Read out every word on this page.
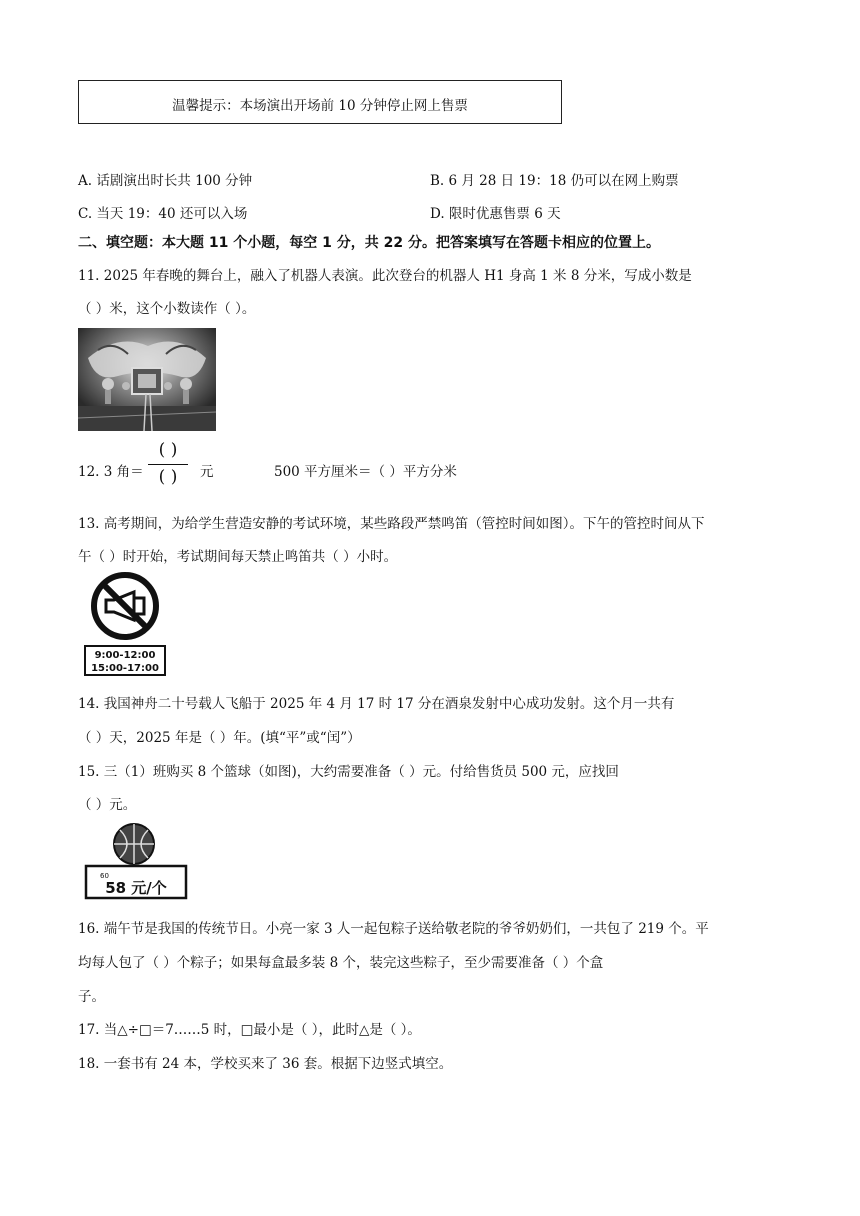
温馨提示：本场演出开场前 10 分钟停止网上售票
A. 话剧演出时长共 100 分钟	B. 6 月 28 日 19：18 仍可以在网上购票
C. 当天 19：40 还可以入场	D. 限时优惠售票 6 天
二、填空题：本大题 11 个小题，每空 1 分，共 22 分。把答案填写在答题卡相应的位置上。
11. 2025 年春晚的舞台上，融入了机器人表演。此次登台的机器人 H1 身高 1 米 8 分米，写成小数是
（ ）米，这个小数读作（ ）。
12. 3 角＝
( )
( )	元	500 平方厘米＝（ ）平方分米
13. 高考期间，为给学生营造安静的考试环境，某些路段严禁鸣笛（管控时间如图）。下午的管控时间从下
午（ ）时开始，考试期间每天禁止鸣笛共（ ）小时。
9:00-12:00
15:00-17:00
14. 我国神舟二十号载人飞船于 2025 年 4 月 17 时 17 分在酒泉发射中心成功发射。这个月一共有
（ ）天，2025 年是（ ）年。(填“平”或“闰”）
15. 三（1）班购买 8 个篮球（如图)，大约需要准备（ ）元。付给售货员 500 元，应找回
（ ）元。
60
58 元/个
16. 端午节是我国的传统节日。小亮一家 3 人一起包粽子送给敬老院的爷爷奶奶们，一共包了 219 个。平
均每人包了（ ）个粽子；如果每盒最多装 8 个，装完这些粽子，至少需要准备（ ）个盒
子。
17. 当△÷□＝7……5 时，□最小是（ ），此时△是（ ）。
18. 一套书有 24 本，学校买来了 36 套。根据下边竖式填空。
